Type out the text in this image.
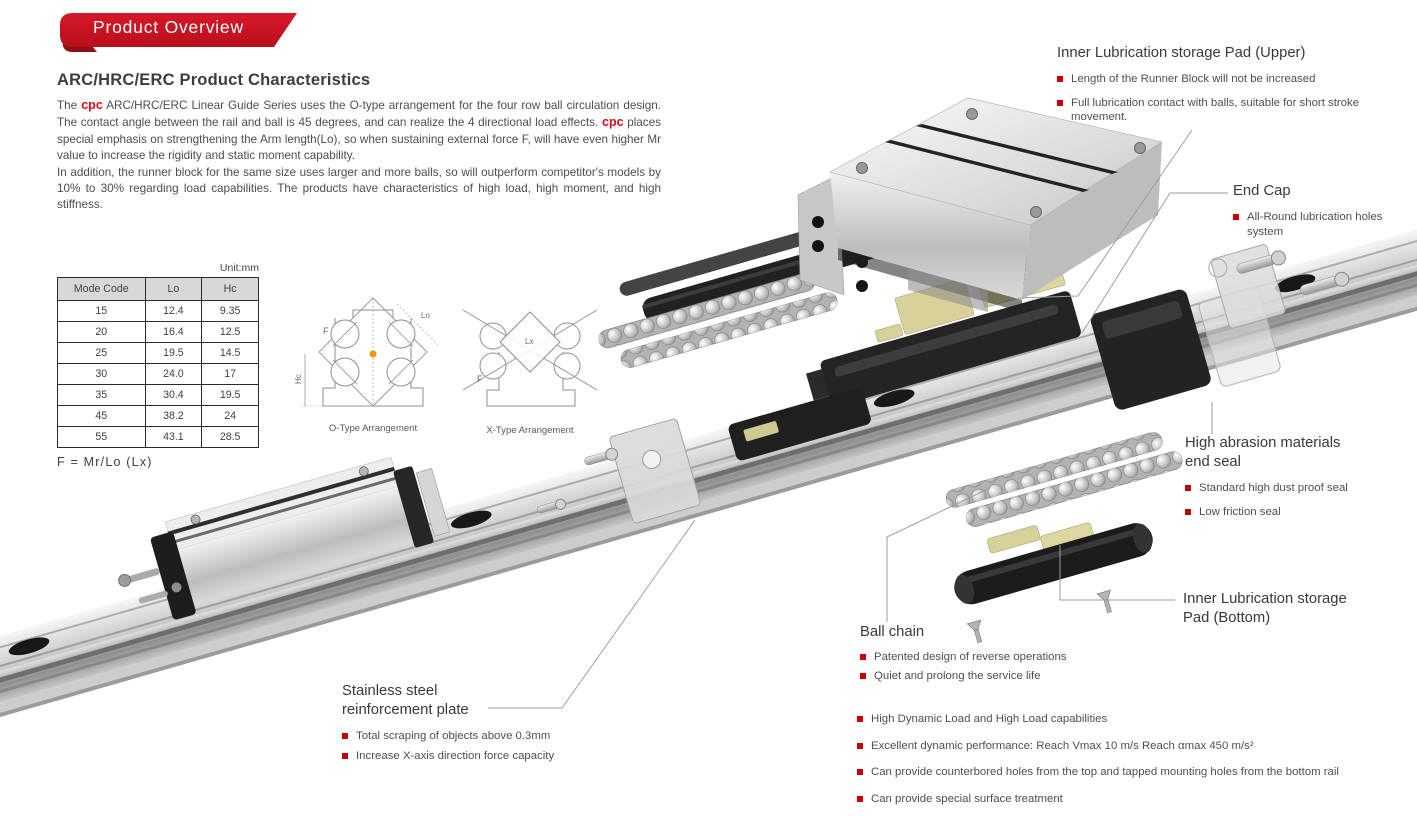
Product Overview
ARC/HRC/ERC Product Characteristics

The cpc ARC/HRC/ERC Linear Guide Series uses the O-type arrangement for the four row ball circulation design. The contact angle between the rail and ball is 45 degrees, and can realize the 4 directional load effects. cpc places special emphasis on strengthening the Arm length(Lo), so when sustaining external force F, will have even higher Mr value to increase the rigidity and static moment capability.

In addition, the runner block for the same size uses larger and more balls, so will outperform competitor's models by 10% to 30% regarding load capabilities. The products have characteristics of high load, high moment, and high stiffness.

Unit:mm
Mode Code	Lo	Hc
15	12.4	9.35
20	16.4	12.5
25	19.5	14.5
30	24.0	17
35	30.4	19.5
45	38.2	24
55	43.1	28.5
F = Mr/Lo (Lx)
F
Lo
Hc
O-Type Arrangement
Lx
F
X-Type Arrangement
Inner Lubrication storage Pad (Upper)
Length of the Runner Block will not be increased
Full lubrication contact with balls, suitable for short stroke movement.
End Cap
All-Round lubrication holes system
High abrasion materials end seal
Standard high dust proof seal
Low friction seal
Inner Lubrication storage Pad (Bottom)
Ball chain
Patented design of reverse operations
Quiet and prolong the service life
Stainless steel reinforcement plate
Total scraping of objects above 0.3mm
Increase X-axis direction force capacity
High Dynamic Load and High Load capabilities
Excellent dynamic performance: Reach Vmax 10 m/s Reach αmax 450 m/s²
Can provide counterbored holes from the top and tapped mounting holes from the bottom rail
Can provide special surface treatment
